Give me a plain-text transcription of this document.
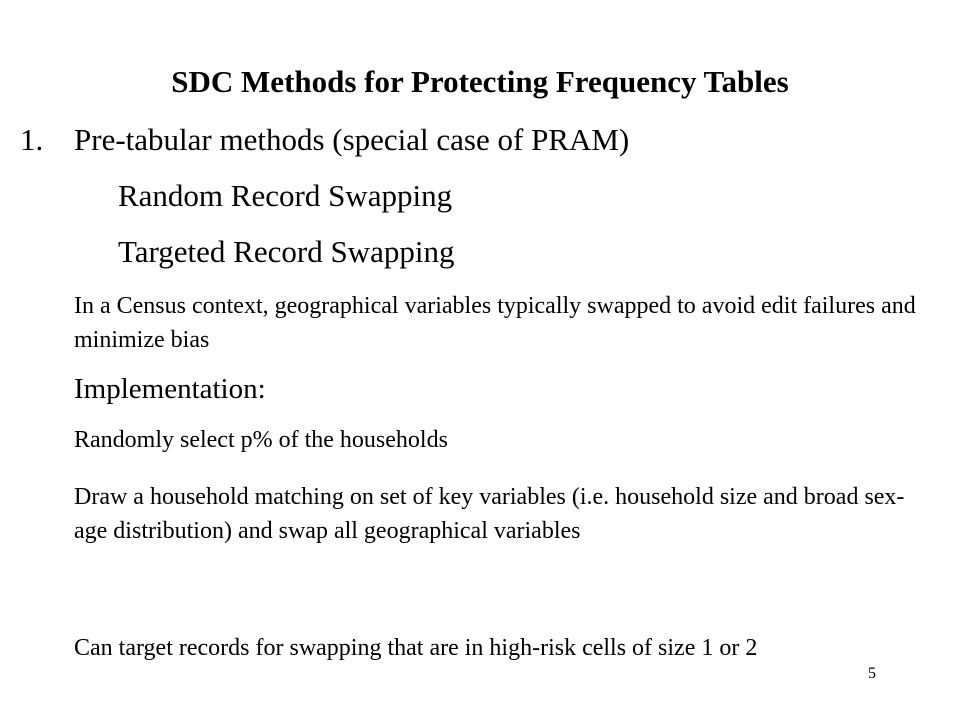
SDC Methods for Protecting Frequency Tables
1. Pre-tabular methods (special case of PRAM)
Random Record Swapping
Targeted Record Swapping
In a Census context, geographical variables typically swapped to avoid edit failures and minimize bias
Implementation:
Randomly select p% of the households
Draw a household matching on set of key variables (i.e. household size and broad sex-age distribution) and swap all geographical variables
Can target records for swapping that are in high-risk cells of size 1 or 2
5
